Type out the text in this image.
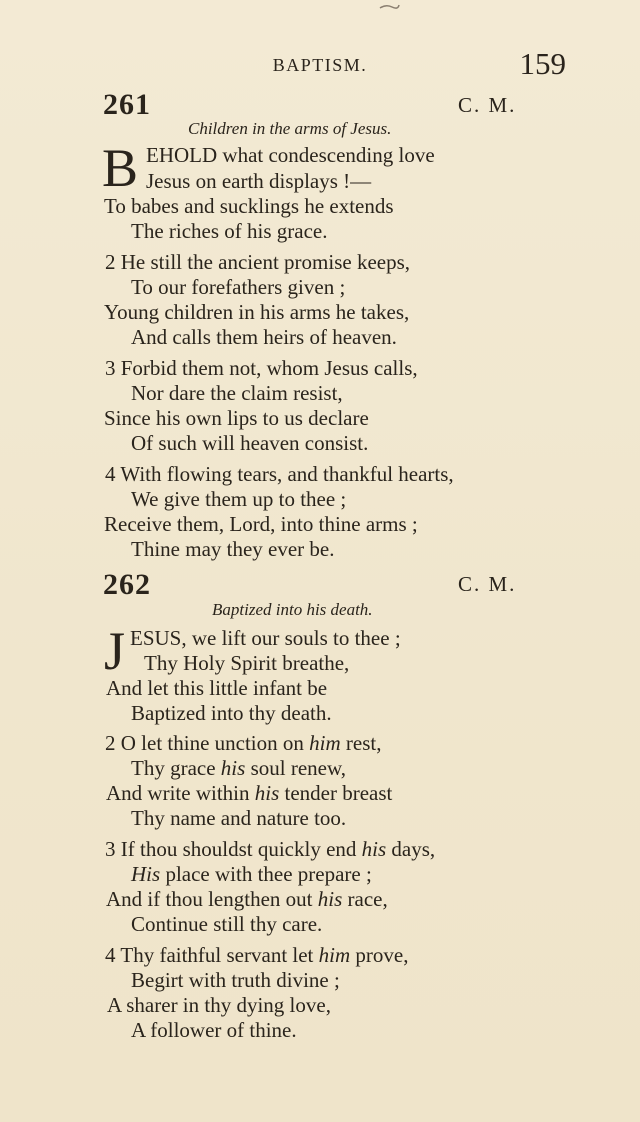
BAPTISM.	159
261	C. M.
Children in the arms of Jesus.
B EHOLD what condescending love
Jesus on earth displays !—
To babes and sucklings he extends
The riches of his grace.
2 He still the ancient promise keeps,
To our forefathers given ;
Young children in his arms he takes,
And calls them heirs of heaven.
3 Forbid them not, whom Jesus calls,
Nor dare the claim resist,
Since his own lips to us declare
Of such will heaven consist.
4 With flowing tears, and thankful hearts,
We give them up to thee ;
Receive them, Lord, into thine arms ;
Thine may they ever be.
262	C. M.
Baptized into his death.
J ESUS, we lift our souls to thee ;
Thy Holy Spirit breathe,
And let this little infant be
Baptized into thy death.
2 O let thine unction on him rest,
Thy grace his soul renew,
And write within his tender breast
Thy name and nature too.
3 If thou shouldst quickly end his days,
His place with thee prepare ;
And if thou lengthen out his race,
Continue still thy care.
4 Thy faithful servant let him prove,
Begirt with truth divine ;
A sharer in thy dying love,
A follower of thine.
